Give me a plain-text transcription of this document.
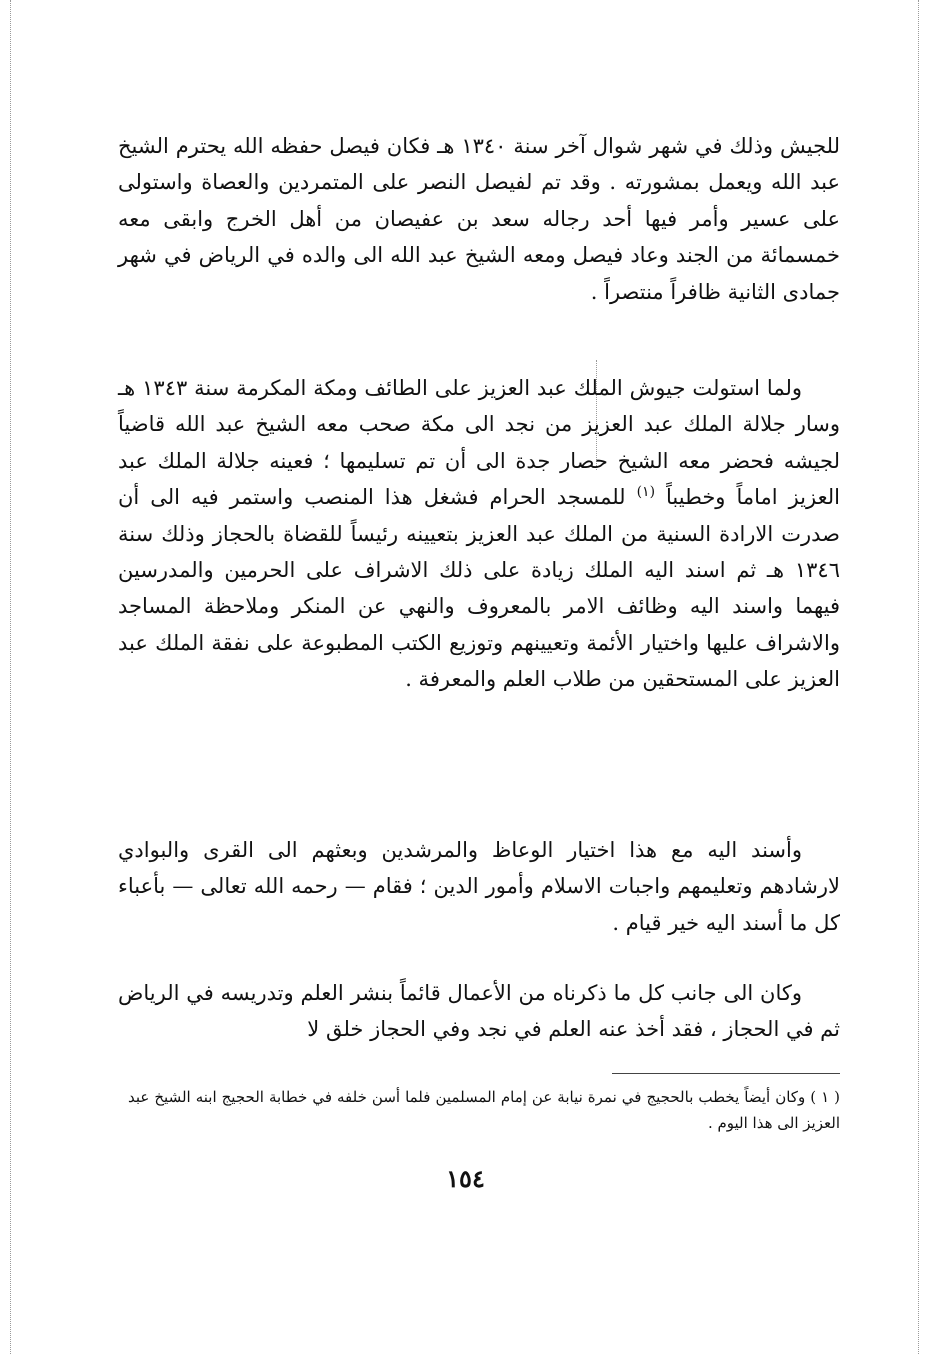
للجيش وذلك في شهر شوال آخر سنة ١٣٤٠ هـ فكان فيصل حفظه الله يحترم الشيخ عبد الله ويعمل بمشورته . وقد تم لفيصل النصر على المتمردين والعصاة واستولى على عسير وأمر فيها أحد رجاله سعد بن عفيصان من أهل الخرج وابقى معه خمسمائة من الجند وعاد فيصل ومعه الشيخ عبد الله الى والده في الرياض في شهر جمادى الثانية ظافراً منتصراً .

ولما استولت جيوش الملك عبد العزيز على الطائف ومكة المكرمة سنة ١٣٤٣ هـ وسار جلالة الملك عبد العزيز من نجد الى مكة صحب معه الشيخ عبد الله قاضياً لجيشه فحضر معه الشيخ حصار جدة الى أن تم تسليمها ؛ فعينه جلالة الملك عبد العزيز اماماً وخطيباً $^{(١)}$ للمسجد الحرام فشغل هذا المنصب واستمر فيه الى أن صدرت الارادة السنية من الملك عبد العزيز بتعيينه رئيساً للقضاة بالحجاز وذلك سنة ١٣٤٦ هـ ثم اسند اليه الملك زيادة على ذلك الاشراف على الحرمين والمدرسين فيهما واسند اليه وظائف الامر بالمعروف والنهي عن المنكر وملاحظة المساجد والاشراف عليها واختيار الأئمة وتعيينهم وتوزيع الكتب المطبوعة على نفقة الملك عبد العزيز على المستحقين من طلاب العلم والمعرفة .

وأسند اليه مع هذا اختيار الوعاظ والمرشدين وبعثهم الى القرى والبوادي لارشادهم وتعليمهم واجبات الاسلام وأمور الدين ؛ فقام — رحمه الله تعالى — بأعباء كل ما أسند اليه خير قيام .

وكان الى جانب كل ما ذكرناه من الأعمال قائماً بنشر العلم وتدريسه في الرياض ثم في الحجاز ، فقد أخذ عنه العلم في نجد وفي الحجاز خلق لا

( ١ ) وكان أيضاً يخطب بالحجيج في نمرة نيابة عن إمام المسلمين فلما أسن خلفه في خطابة الحجيج ابنه الشيخ عبد العزيز الى هذا اليوم .

١٥٤
